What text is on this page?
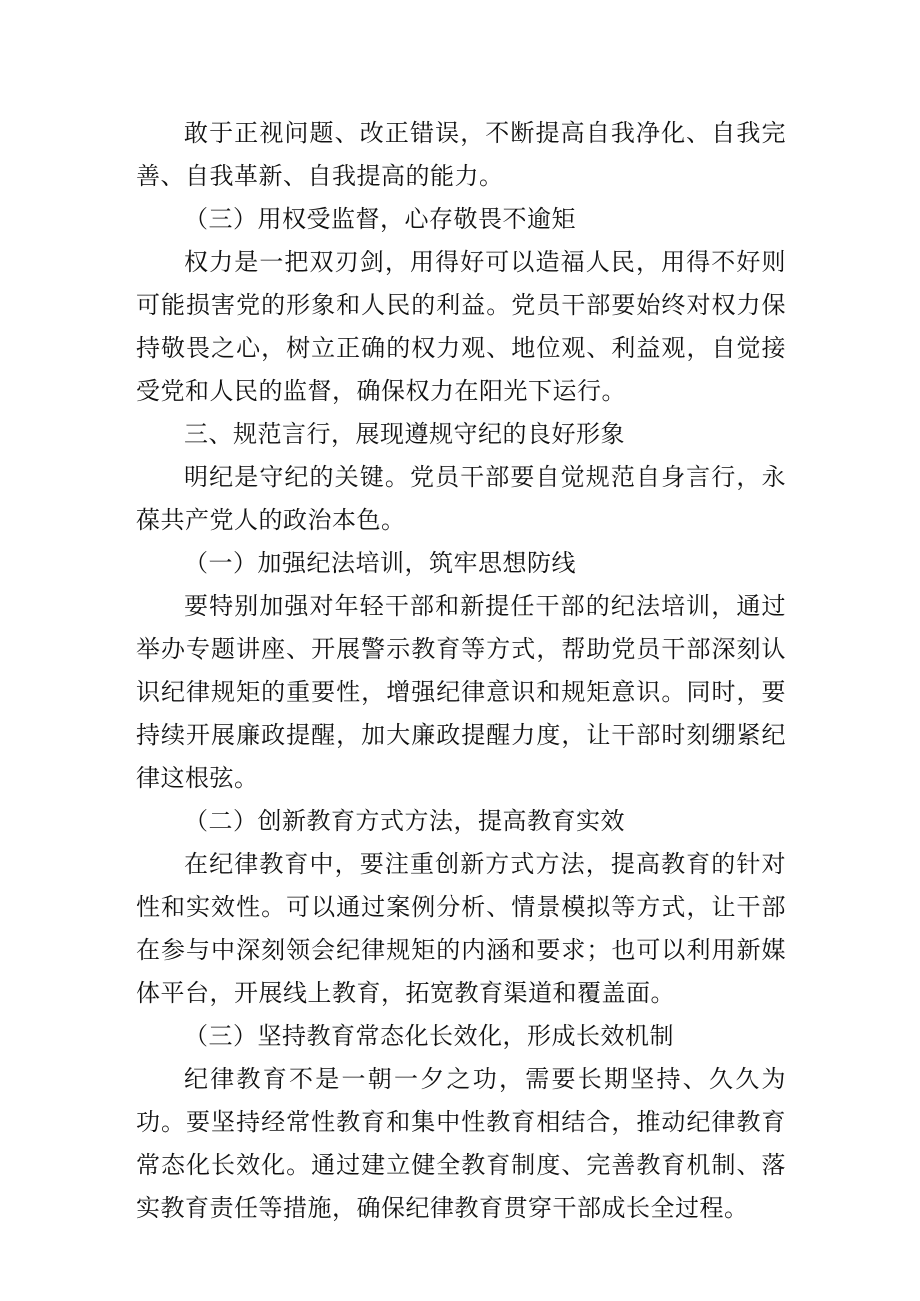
敢于正视问题、改正错误，不断提高自我净化、自我完善、自我革新、自我提高的能力。

（三）用权受监督，心存敬畏不逾矩

权力是一把双刃剑，用得好可以造福人民，用得不好则可能损害党的形象和人民的利益。党员干部要始终对权力保持敬畏之心，树立正确的权力观、地位观、利益观，自觉接受党和人民的监督，确保权力在阳光下运行。

三、规范言行，展现遵规守纪的良好形象

明纪是守纪的关键。党员干部要自觉规范自身言行，永葆共产党人的政治本色。

（一）加强纪法培训，筑牢思想防线

要特别加强对年轻干部和新提任干部的纪法培训，通过举办专题讲座、开展警示教育等方式，帮助党员干部深刻认识纪律规矩的重要性，增强纪律意识和规矩意识。同时，要持续开展廉政提醒，加大廉政提醒力度，让干部时刻绷紧纪律这根弦。

（二）创新教育方式方法，提高教育实效

在纪律教育中，要注重创新方式方法，提高教育的针对性和实效性。可以通过案例分析、情景模拟等方式，让干部在参与中深刻领会纪律规矩的内涵和要求；也可以利用新媒体平台，开展线上教育，拓宽教育渠道和覆盖面。

（三）坚持教育常态化长效化，形成长效机制

纪律教育不是一朝一夕之功，需要长期坚持、久久为功。要坚持经常性教育和集中性教育相结合，推动纪律教育常态化长效化。通过建立健全教育制度、完善教育机制、落实教育责任等措施，确保纪律教育贯穿干部成长全过程。
